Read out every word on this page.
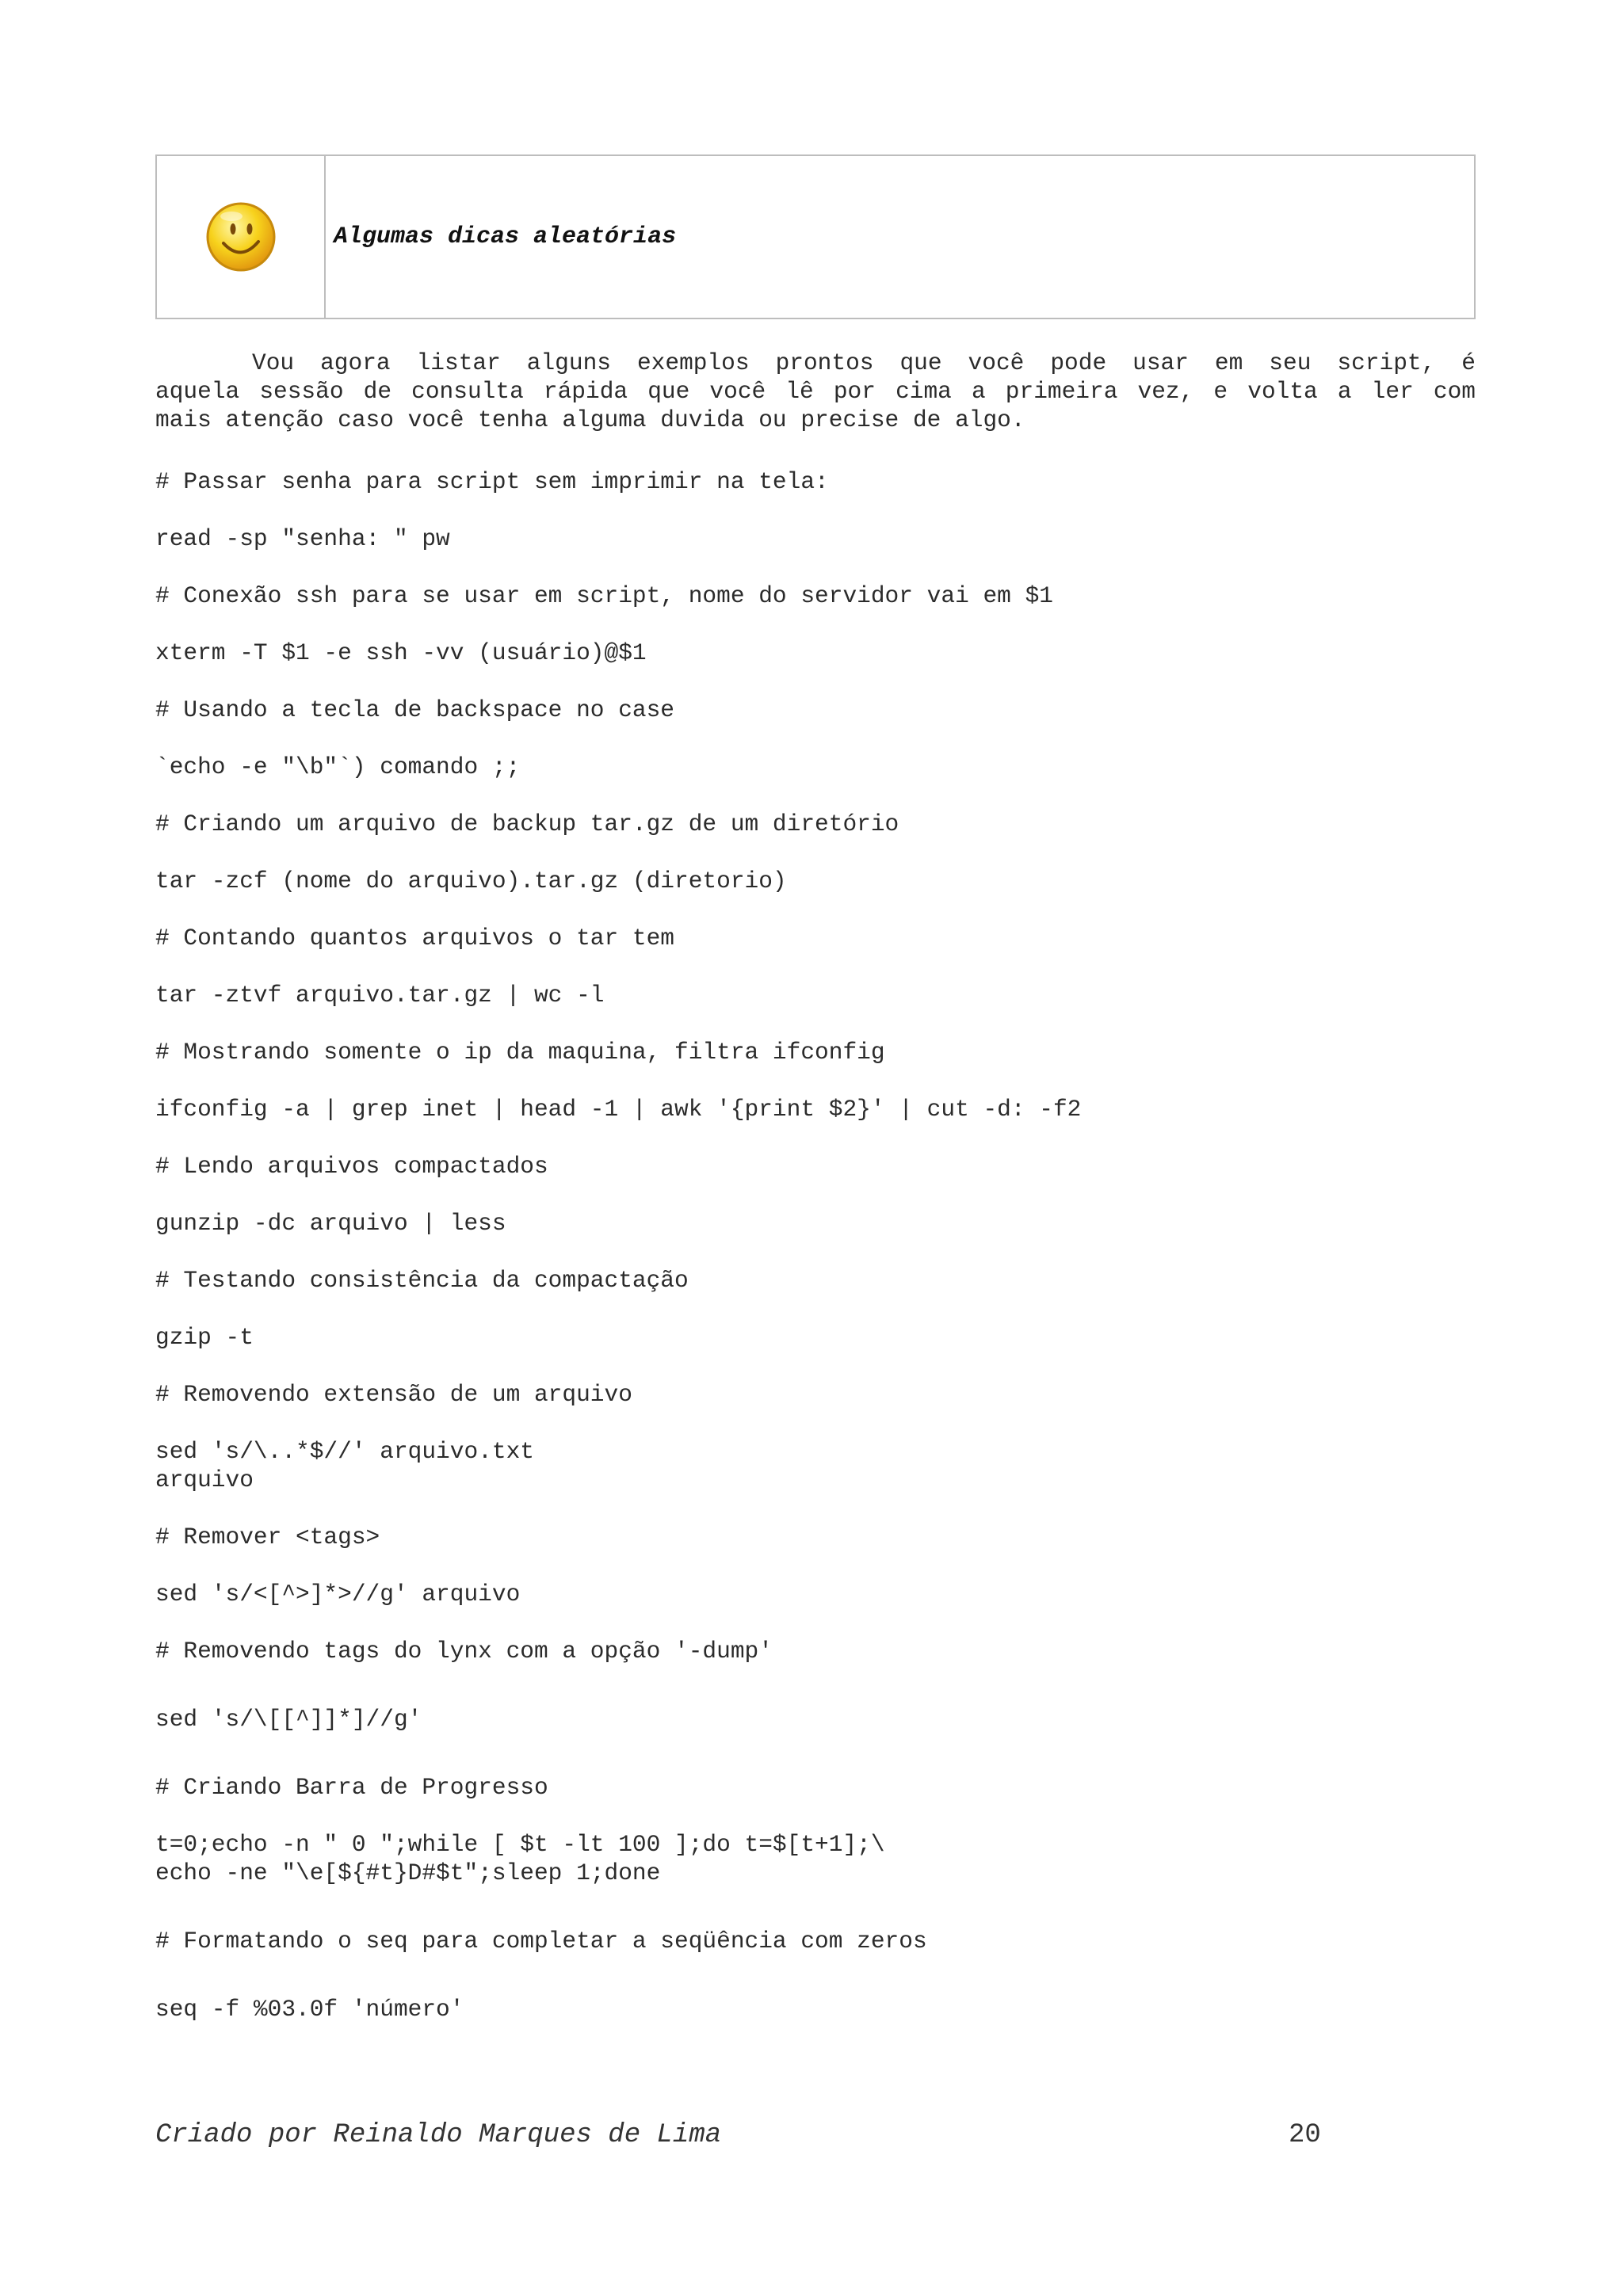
Algumas dicas aleatórias
Vou agora listar alguns exemplos prontos que você pode usar em seu script, é
aquela sessão de consulta rápida que você lê por cima a primeira vez, e volta a ler com
mais atenção caso você tenha alguma duvida ou precise de algo.
# Passar senha para script sem imprimir na tela:
read -sp "senha: " pw
# Conexão ssh para se usar em script, nome do servidor vai em $1
xterm -T $1 -e ssh -vv (usuário)@$1
# Usando a tecla de backspace no case
`echo -e "\b"`) comando ;;
# Criando um arquivo de backup tar.gz de um diretório
tar -zcf (nome do arquivo).tar.gz (diretorio)
# Contando quantos arquivos o tar tem
tar -ztvf arquivo.tar.gz | wc -l
# Mostrando somente o ip da maquina, filtra ifconfig
ifconfig -a | grep inet | head -1 | awk '{print $2}' | cut -d: -f2
# Lendo arquivos compactados
gunzip -dc arquivo | less
# Testando consistência da compactação
gzip -t
# Removendo extensão de um arquivo
sed 's/\..*$//' arquivo.txt
arquivo
# Remover <tags>
sed 's/<[^>]*>//g' arquivo
# Removendo tags do lynx com a opção '-dump'
sed 's/\[[^]]*]//g'
# Criando Barra de Progresso
t=0;echo -n " 0 ";while [ $t -lt 100 ];do t=$[t+1];\
echo -ne "\e[${#t}D#$t";sleep 1;done
# Formatando o seq para completar a seqüência com zeros
seq -f %03.0f 'número'
Criado por Reinaldo Marques de Lima	20
